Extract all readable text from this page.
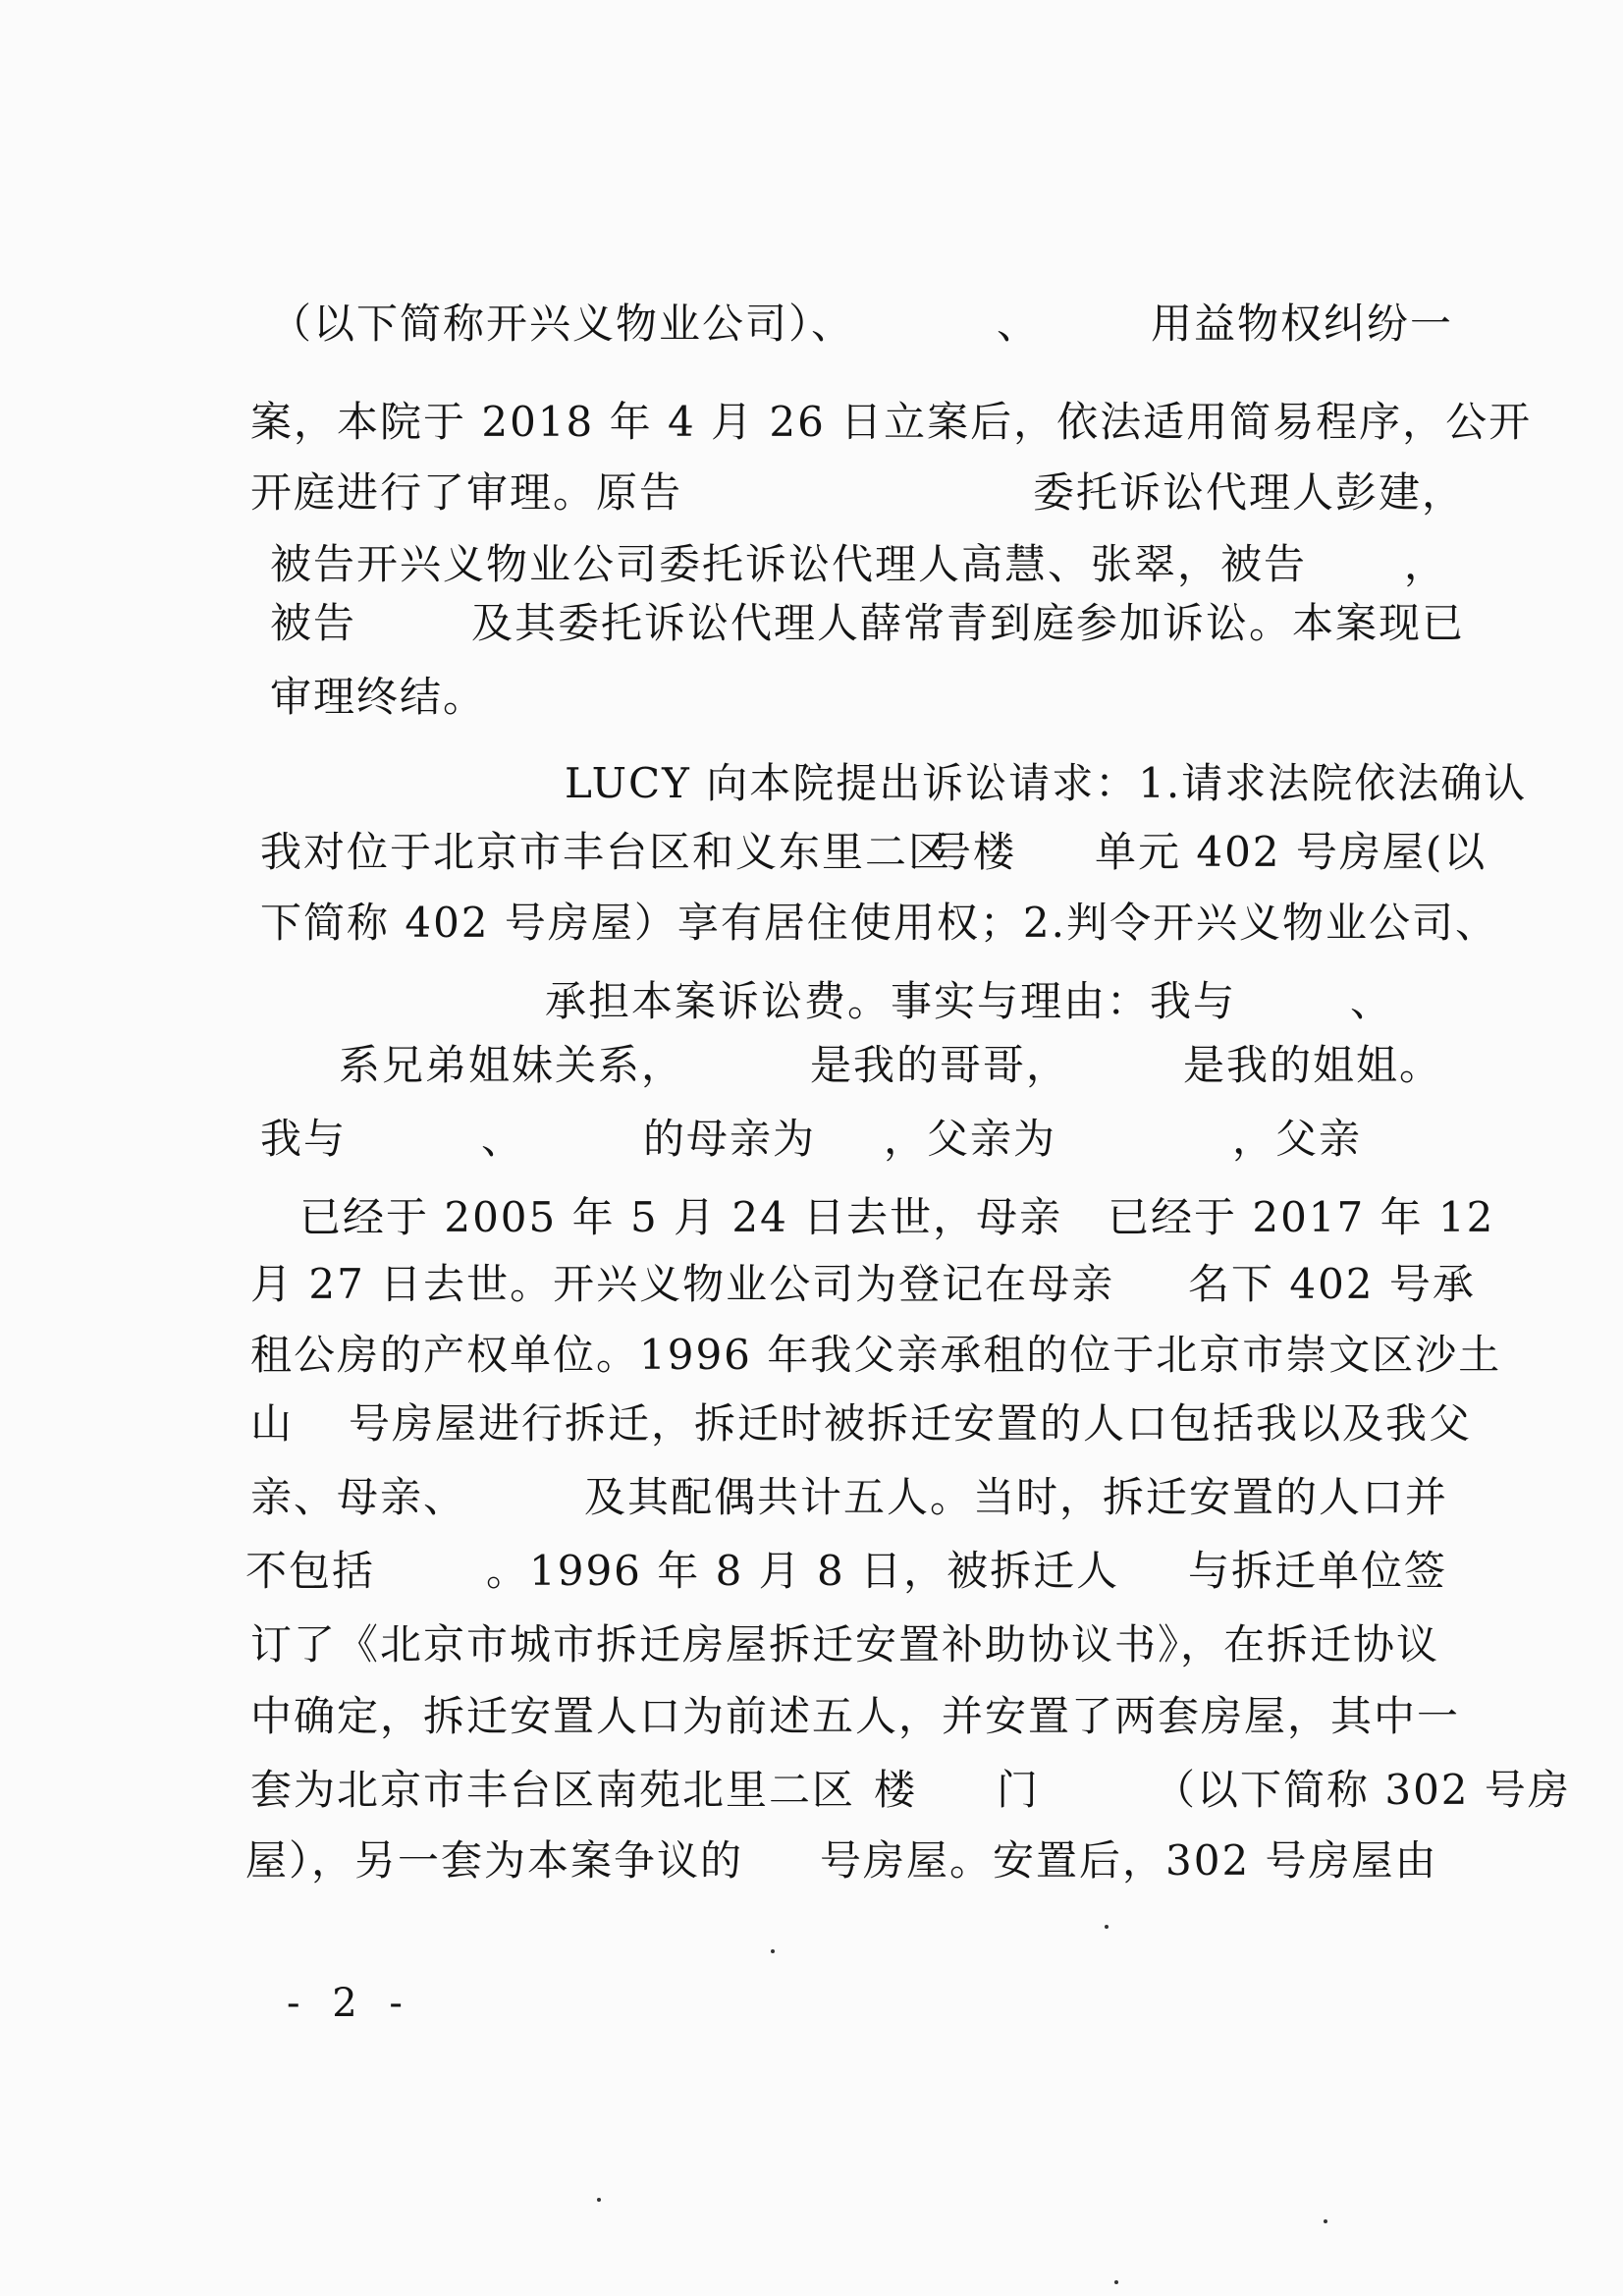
（以下简称开兴义物业公司）、	、	用益物权纠纷一
案，本院于 2018 年 4 月 26 日立案后，依法适用简易程序，公开
开庭进行了审理。原告	委托诉讼代理人彭建，
被告开兴义物业公司委托诉讼代理人高慧、张翠，被告 ，
被告	及其委托诉讼代理人薛常青到庭参加诉讼。本案现已
审理终结。
LUCY 向本院提出诉讼请求：1.请求法院依法确认
我对位于北京市丰台区和义东里二区
号楼 单元 402 号房屋(以
下简称 402 号房屋）享有居住使用权；2.判令开兴义物业公司、
承担本案诉讼费。事实与理由：我与	、
系兄弟姐妹关系，	是我的哥哥，	是我的姐姐。
我与	、	的母亲为 ，父亲为	，父亲
已经于 2005 年 5 月 24 日去世，母亲 已经于 2017 年 12
月 27 日去世。开兴义物业公司为登记在母亲 名下 402 号承
租公房的产权单位。1996 年我父亲承租的位于北京市崇文区沙土
山 号房屋进行拆迁，拆迁时被拆迁安置的人口包括我以及我父
亲、母亲、	及其配偶共计五人。当时，拆迁安置的人口并
不包括	。1996 年 8 月 8 日，被拆迁人 与拆迁单位签
订了《北京市城市拆迁房屋拆迁安置补助协议书》，在拆迁协议
中确定，拆迁安置人口为前述五人，并安置了两套房屋，其中一
套为北京市丰台区南苑北里二区 楼 门	（以下简称 302 号房
屋），另一套为本案争议的 号房屋。安置后，302 号房屋由
- 2 -
